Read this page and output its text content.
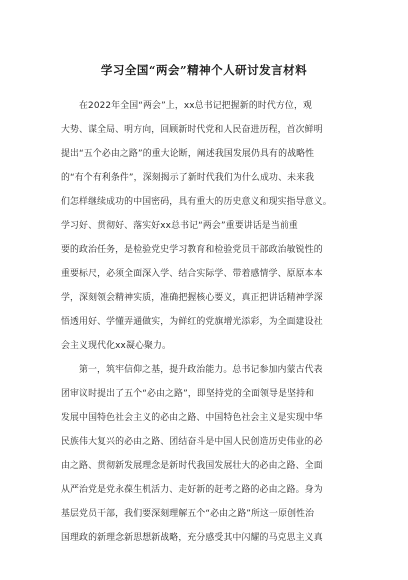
学习全国“两会”精神个人研讨发言材料
在2022年全国“两会”上，xx总书记把握新的时代方位，观
大势、谋全局、明方向，回顾新时代党和人民奋进历程，首次鲜明
提出“五个必由之路”的重大论断，阐述我国发展仍具有的战略性
的“有个有利条件”，深刻揭示了新时代我们为什么成功、未来我
们怎样继续成功的中国密码，具有重大的历史意义和现实指导意义。
学习好、贯彻好、落实好xx总书记“两会”重要讲话是当前重
要的政治任务，是检验党史学习教育和检验党员干部政治敏锐性的
重要标尺，必须全面深入学、结合实际学、带着感情学、原原本本
学，深刻领会精神实质，准确把握核心要义，真正把讲话精神学深
悟透用好、学懂弄通做实，为鲜红的党旗增光添彩，为全面建设社
会主义现代化xx凝心聚力。
第一，筑牢信仰之基，提升政治能力。总书记参加内蒙古代表
团审议时提出了五个“必由之路”，即坚持党的全面领导是坚持和
发展中国特色社会主义的必由之路、中国特色社会主义是实现中华
民族伟大复兴的必由之路、团结奋斗是中国人民创造历史伟业的必
由之路、贯彻新发展理念是新时代我国发展壮大的必由之路、全面
从严治党是党永葆生机活力、走好新的赶考之路的必由之路。身为
基层党员干部，我们要深刻理解五个“必由之路”所这一原创性治
国理政的新理念新思想新战略，充分感受其中闪耀的马克思主义真
